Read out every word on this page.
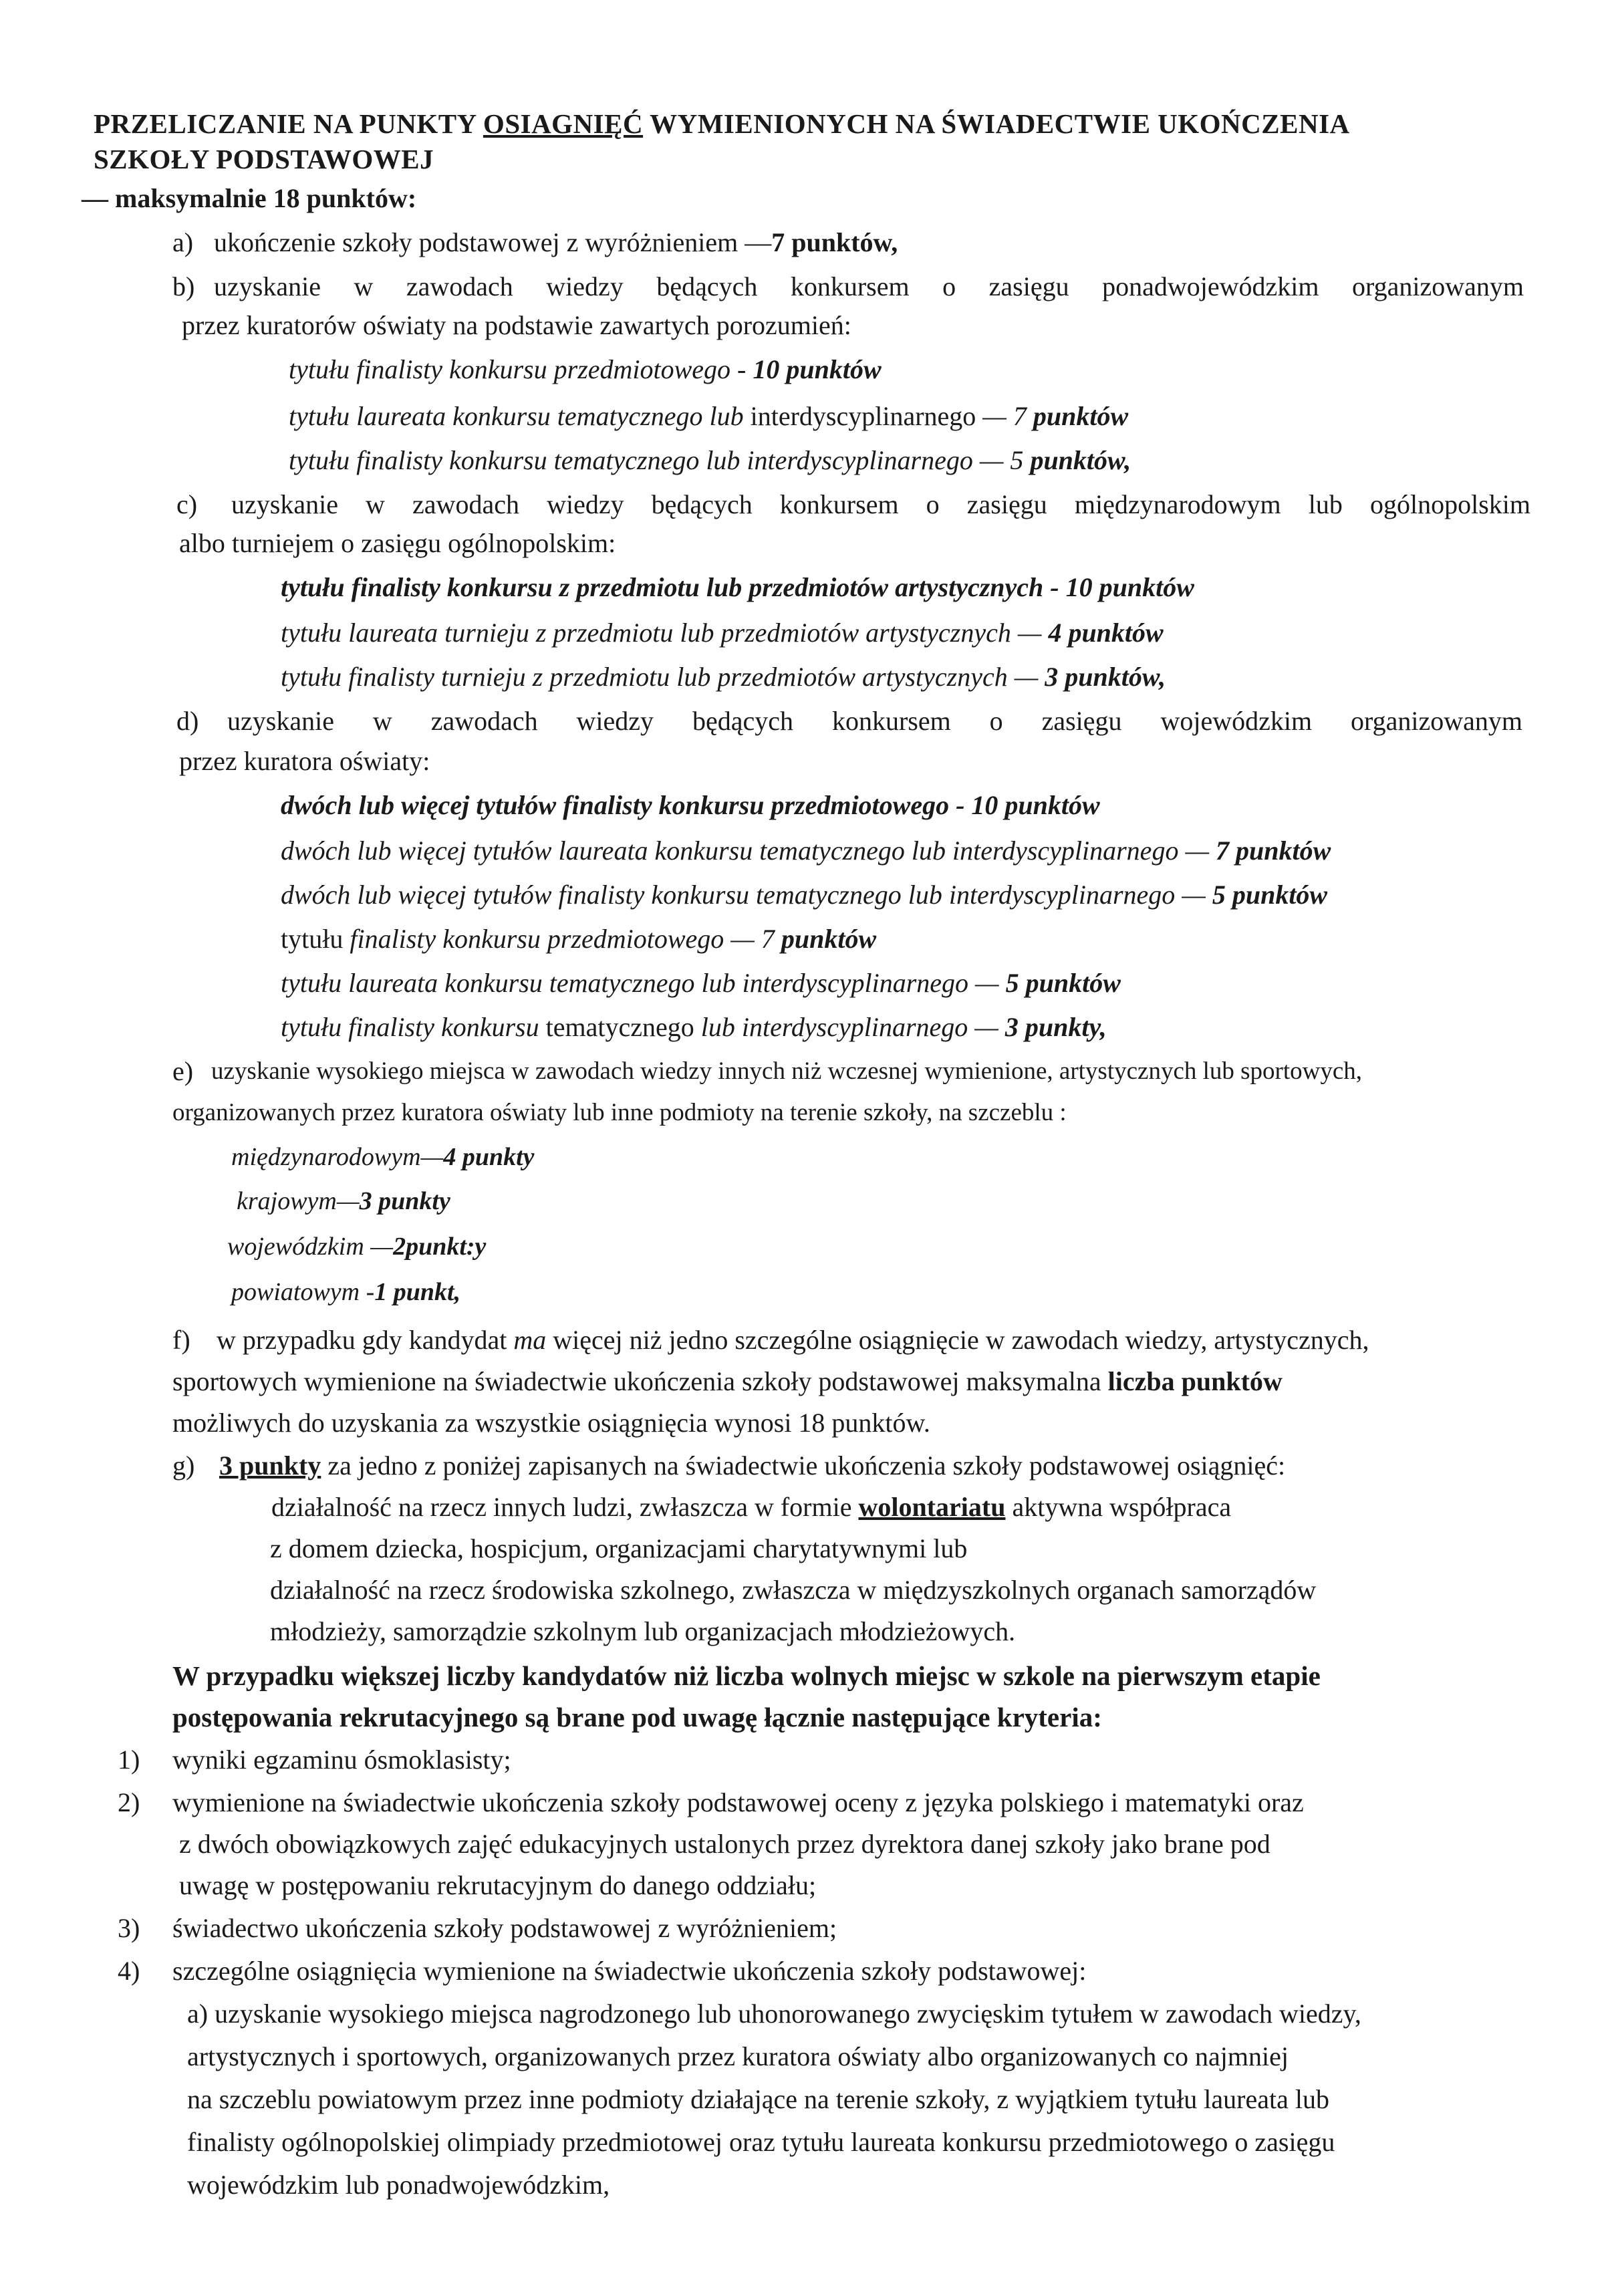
PRZELICZANIE NA PUNKTY OSIAGNIĘĆ WYMIENIONYCH NA ŚWIADECTWIE UKOŃCZENIA
SZKOŁY PODSTAWOWEJ
— maksymalnie 18 punktów:
a) ukończenie szkoły podstawowej z wyróżnieniem —7 punktów,
b) uzyskanie w zawodach wiedzy będących konkursem o zasięgu ponadwojewódzkim organizowanym
przez kuratorów oświaty na podstawie zawartych porozumień:
tytułu finalisty konkursu przedmiotowego - 10 punktów
tytułu laureata konkursu tematycznego lub interdyscyplinarnego — 7 punktów
tytułu finalisty konkursu tematycznego lub interdyscyplinarnego — 5 punktów,
c) uzyskanie w zawodach wiedzy będących konkursem o zasięgu międzynarodowym lub ogólnopolskim
albo turniejem o zasięgu ogólnopolskim:
tytułu finalisty konkursu z przedmiotu lub przedmiotów artystycznych - 10 punktów
tytułu laureata turnieju z przedmiotu lub przedmiotów artystycznych — 4 punktów
tytułu finalisty turnieju z przedmiotu lub przedmiotów artystycznych — 3 punktów,
d) uzyskanie w zawodach wiedzy będących konkursem o zasięgu wojewódzkim organizowanym
przez kuratora oświaty:
dwóch lub więcej tytułów finalisty konkursu przedmiotowego - 10 punktów
dwóch lub więcej tytułów laureata konkursu tematycznego lub interdyscyplinarnego — 7 punktów
dwóch lub więcej tytułów finalisty konkursu tematycznego lub interdyscyplinarnego — 5 punktów
tytułu finalisty konkursu przedmiotowego — 7 punktów
tytułu laureata konkursu tematycznego lub interdyscyplinarnego — 5 punktów
tytułu finalisty konkursu tematycznego lub interdyscyplinarnego — 3 punkty,
e) uzyskanie wysokiego miejsca w zawodach wiedzy innych niż wczesnej wymienione, artystycznych lub sportowych,
organizowanych przez kuratora oświaty lub inne podmioty na terenie szkoły, na szczeblu :
międzynarodowym—4 punkty
krajowym—3 punkty
wojewódzkim —2punkt:y
powiatowym -1 punkt,
f) w przypadku gdy kandydat ma więcej niż jedno szczególne osiągnięcie w zawodach wiedzy, artystycznych,
sportowych wymienione na świadectwie ukończenia szkoły podstawowej maksymalna liczba punktów
możliwych do uzyskania za wszystkie osiągnięcia wynosi 18 punktów.
g) 3 punkty za jedno z poniżej zapisanych na świadectwie ukończenia szkoły podstawowej osiągnięć:
działalność na rzecz innych ludzi, zwłaszcza w formie wolontariatu aktywna współpraca
z domem dziecka, hospicjum, organizacjami charytatywnymi lub
działalność na rzecz środowiska szkolnego, zwłaszcza w międzyszkolnych organach samorządów
młodzieży, samorządzie szkolnym lub organizacjach młodzieżowych.
W przypadku większej liczby kandydatów niż liczba wolnych miejsc w szkole na pierwszym etapie
postępowania rekrutacyjnego są brane pod uwagę łącznie następujące kryteria:
1) wyniki egzaminu ósmoklasisty;
2) wymienione na świadectwie ukończenia szkoły podstawowej oceny z języka polskiego i matematyki oraz
z dwóch obowiązkowych zajęć edukacyjnych ustalonych przez dyrektora danej szkoły jako brane pod
uwagę w postępowaniu rekrutacyjnym do danego oddziału;
3) świadectwo ukończenia szkoły podstawowej z wyróżnieniem;
4) szczególne osiągnięcia wymienione na świadectwie ukończenia szkoły podstawowej:
a) uzyskanie wysokiego miejsca nagrodzonego lub uhonorowanego zwycięskim tytułem w zawodach wiedzy,
artystycznych i sportowych, organizowanych przez kuratora oświaty albo organizowanych co najmniej
na szczeblu powiatowym przez inne podmioty działające na terenie szkoły, z wyjątkiem tytułu laureata lub
finalisty ogólnopolskiej olimpiady przedmiotowej oraz tytułu laureata konkursu przedmiotowego o zasięgu
wojewódzkim lub ponadwojewódzkim,
